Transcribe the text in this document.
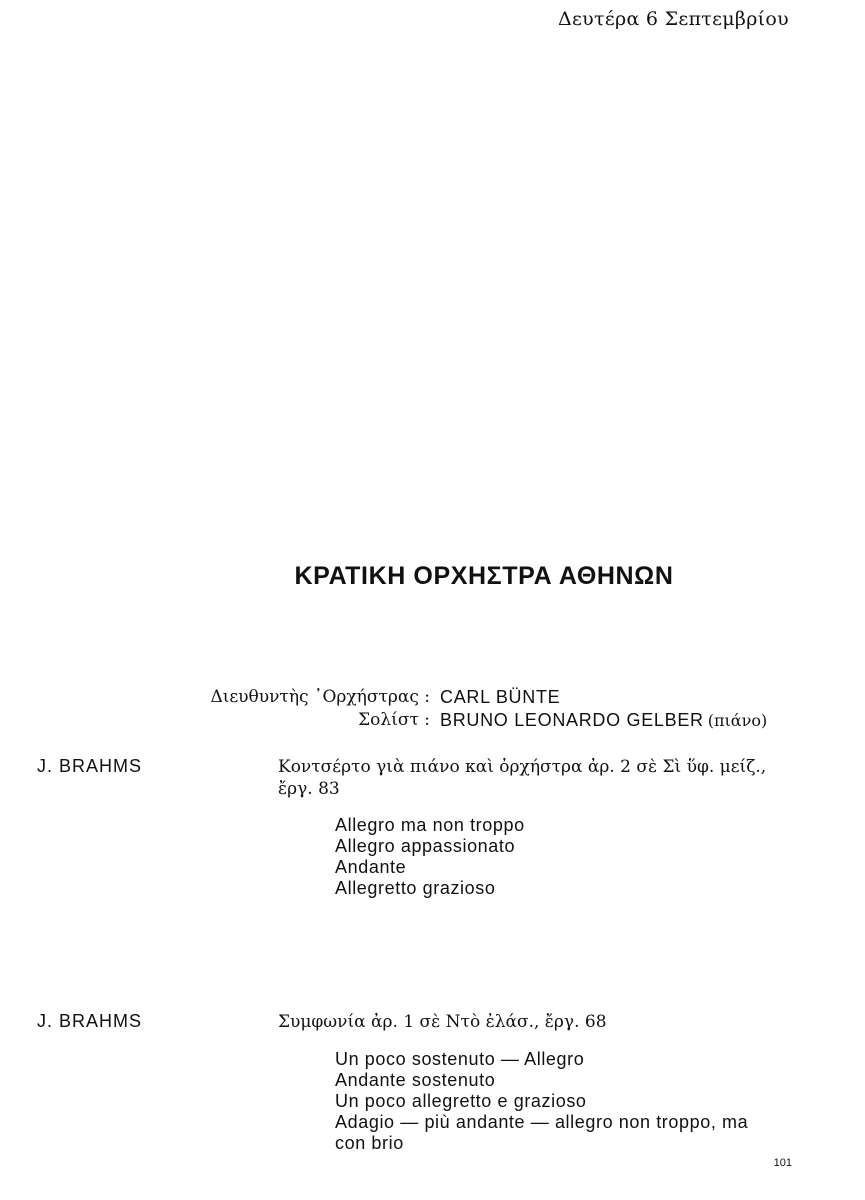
Δευτέρα 6 Σεπτεμβρίου
ΚΡΑΤΙΚΗ ΟΡΧΗΣΤΡΑ ΑΘΗΝΩΝ
Διευθυντὴς ᾿Ορχήστρας : CARL BÜNTE
Σολίστ : BRUNO LEONARDO GELBER (πιάνο)
J. BRAHMS	Κοντσέρτο γιὰ πιάνο καὶ ὀρχήστρα ἀρ. 2 σὲ Σὶ ὕφ. μείζ.,
ἔργ. 83
Allegro ma non troppo
Allegro appassionato
Andante
Allegretto grazioso
J. BRAHMS	Συμφωνία ἀρ. 1 σὲ Ντὸ ἐλάσ., ἔργ. 68
Un poco sostenuto — Allegro
Andante sostenuto
Un poco allegretto e grazioso
Adagio — più andante — allegro non troppo, ma
con brio
101
